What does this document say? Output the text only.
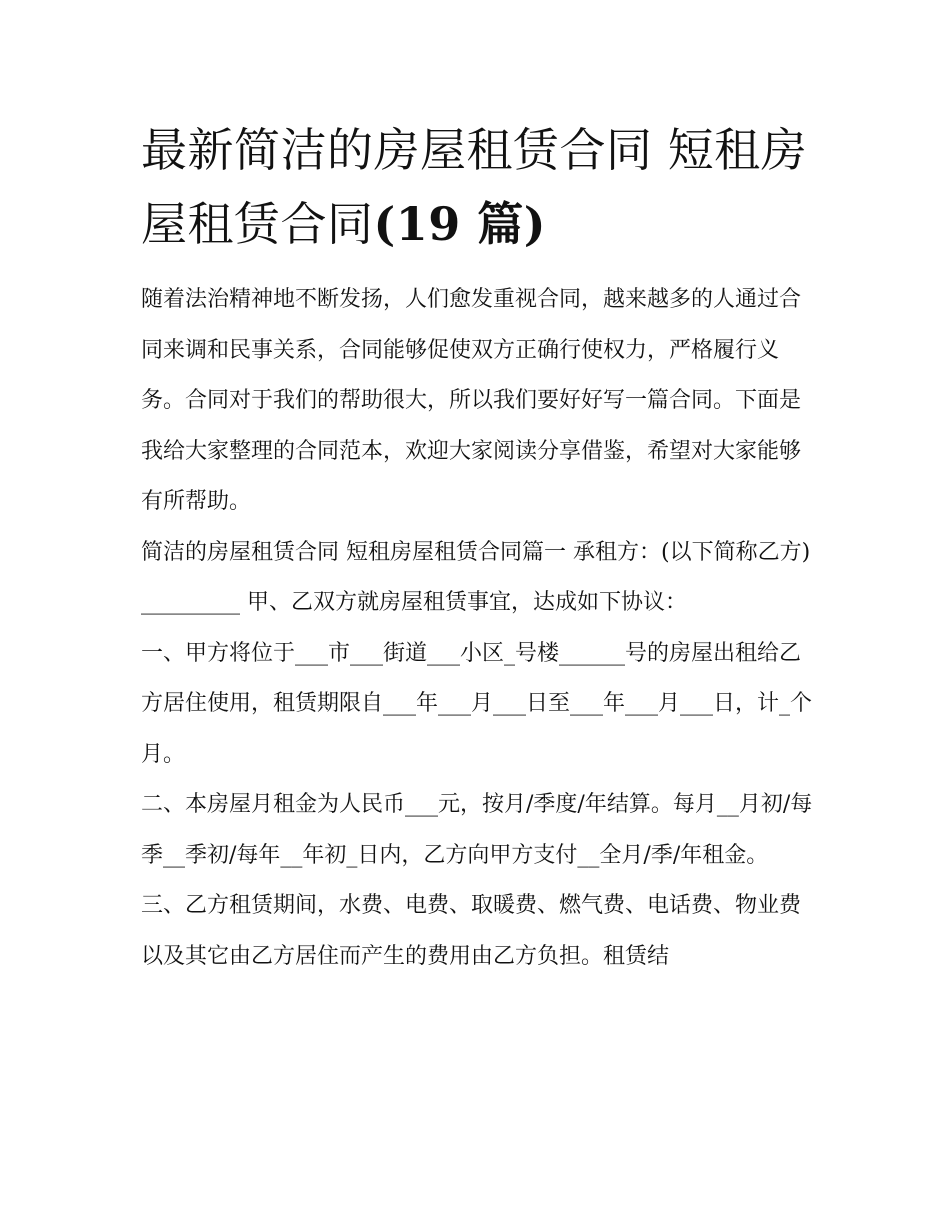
最新简洁的房屋租赁合同 短租房屋租赁合同(19 篇)

随着法治精神地不断发扬，人们愈发重视合同，越来越多的人通过合同来调和民事关系，合同能够促使双方正确行使权力，严格履行义务。合同对于我们的帮助很大，所以我们要好好写一篇合同。下面是我给大家整理的合同范本，欢迎大家阅读分享借鉴，希望对大家能够有所帮助。

简洁的房屋租赁合同 短租房屋租赁合同篇一 承租方：(以下简称乙方)_________ 甲、乙双方就房屋租赁事宜，达成如下协议：

一、甲方将位于___市___街道___小区_号楼______号的房屋出租给乙方居住使用，租赁期限自___年___月___日至___年___月___日，计_个月。

二、本房屋月租金为人民币___元，按月/季度/年结算。每月__月初/每季__季初/每年__年初_日内，乙方向甲方支付__全月/季/年租金。

三、乙方租赁期间，水费、电费、取暖费、燃气费、电话费、物业费以及其它由乙方居住而产生的费用由乙方负担。租赁结
